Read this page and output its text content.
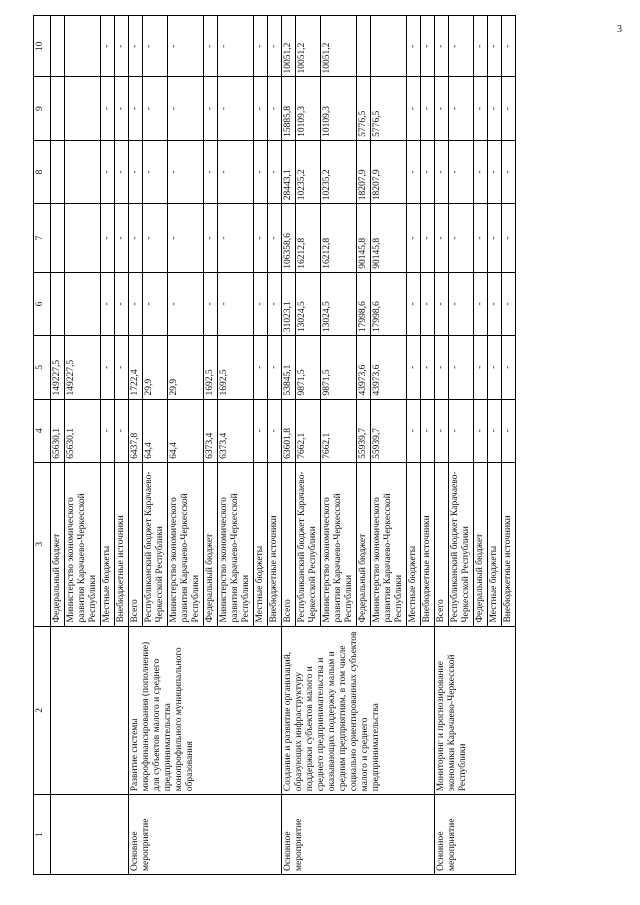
3
1	2	3	4	5	6	7	8	9	10
		Федеральный бюджет	65630,1	149227,5					
		Министерство экономического развития Карачаево-Черкесской Республики	65630,1	149227,5					
		Местные бюджеты	-	-	-	-	-	-	-
		Внебюджетные источники	-	-	-	-	-	-	-
Основное мероприятие	Развитие системы микрофинансирования (пополнение) для субъектов малого и среднего предпринимательства монопрофильного муниципального образования	Всего	6437,8	1722,4	-	-	-	-	-
		Республиканский бюджет Карачаево-Черкесской Республики	64,4	29,9	-	-	-	-	-
		Министерство экономического развития Карачаево-Черкесской Республики	64,4	29,9	-	-	-	-	-
		Федеральный бюджет	6373,4	1692,5	-	-	-	-	-
		Министерство экономического развития Карачаево-Черкесской Республики	6373,4	1692,5	-	-	-	-	-
		Местные бюджеты	-	-	-	-	-	-	-
		Внебюджетные источники	-	-	-	-	-	-	-
Основное мероприятие	Создание и развитие организаций, образующих инфраструктуру поддержки субъектов малого и среднего предпринимательства и оказывающих поддержку малым и средним предприятиям, в том числе социально ориентированных субъектов малого и среднего предпринимательства	Всего	63601,8	53845,1	31023,1	106358,6	28443,1	15885,8	10051,2
		Республиканский бюджет Карачаево-Черкесской Республики	7662,1	9871,5	13024,5	16212,8	10235,2	10109,3	10051,2
		Министерство экономического развития Карачаево-Черкесской Республики	7662,1	9871,5	13024,5	16212,8	10235,2	10109,3	10051,2
		Федеральный бюджет	55939,7	43973,6	17998,6	90145,8	18207,9	5776,5	
		Министерство экономического развития Карачаево-Черкесской Республики	55939,7	43973,6	17998,6	90145,8	18207,9	5776,5	
		Местные бюджеты	-	-	-	-	-	-	-
		Внебюджетные источники	-	-	-	-	-	-	-
Основное мероприятие	Мониторинг и прогнозирование экономики Карачаево-Черкесской Республики	Всего	-	-	-	-	-	-	-
		Республиканский бюджет Карачаево-Черкесской Республики	-	-	-	-	-	-	-
		Федеральный бюджет	-	-	-	-	-	-	-
		Местные бюджеты	-	-	-	-	-	-	-
		Внебюджетные источники	-	-	-	-	-	-	-
